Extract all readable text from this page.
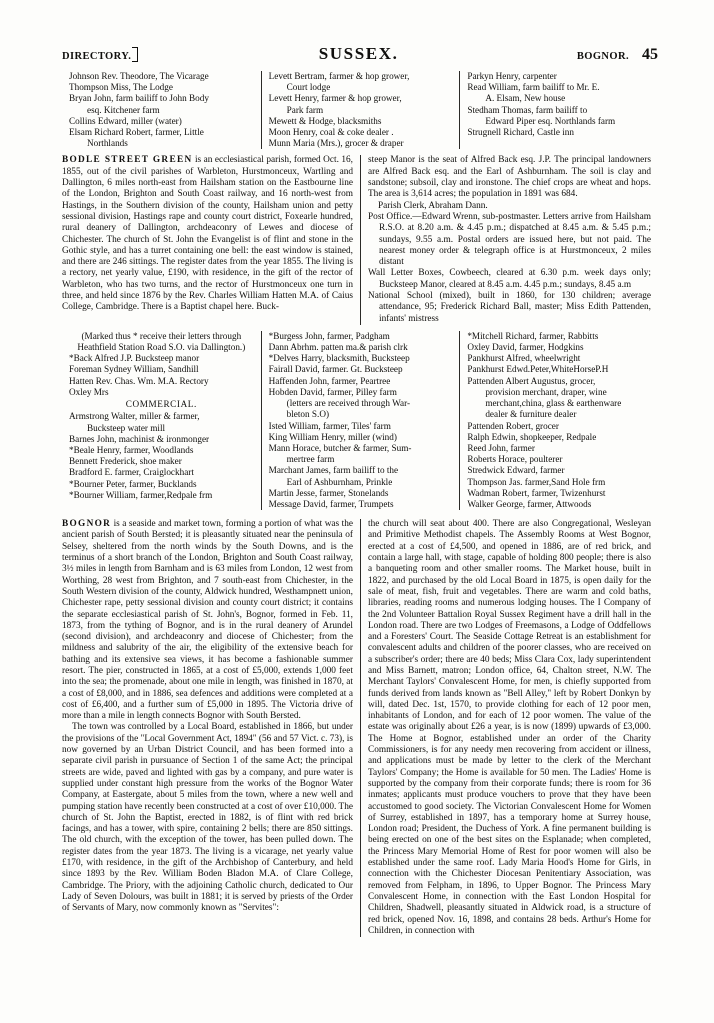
DIRECTORY.	SUSSEX.	BOGNOR. 45
Johnson Rev. Theodore, The Vicarage
Thompson Miss, The Lodge
Bryan John, farm bailiff to John Body
esq. Kitchener farm
Collins Edward, miller (water)
Elsam Richard Robert, farmer, Little
Northlands
Levett Bertram, farmer & hop grower,
Court lodge
Levett Henry, farmer & hop grower,
Park farm
Mewett & Hodge, blacksmiths
Moon Henry, coal & coke dealer .
Munn Maria (Mrs.), grocer & draper
Parkyn Henry, carpenter
Read William, farm bailiff to Mr. E.
A. Elsam, New house
Stedham Thomas, farm bailiff to
Edward Piper esq. Northlands farm
Strugnell Richard, Castle inn

BODLE STREET GREEN is an ecclesiastical parish, formed Oct. 16, 1855, out of the civil parishes of Warbleton, Hurstmonceux, Wartling and Dallington, 6 miles north-east from Hailsham station on the Eastbourne line of the London, Brighton and South Coast railway, and 16 north-west from Hastings, in the Southern division of the county, Hailsham union and petty sessional division, Hastings rape and county court district, Foxearle hundred, rural deanery of Dallington, archdeaconry of Lewes and diocese of Chichester. The church of St. John the Evangelist is of flint and stone in the Gothic style, and has a turret containing one bell: the east window is stained, and there are 246 sittings. The register dates from the year 1855. The living is a rectory, net yearly value, £190, with residence, in the gift of the rector of Warbleton, who has two turns, and the rector of Hurstmonceux one turn in three, and held since 1876 by the Rev. Charles William Hatten M.A. of Caius College, Cambridge. There is a Baptist chapel here. Buck-

steep Manor is the seat of Alfred Back esq. J.P. The principal landowners are Alfred Back esq. and the Earl of Ashburnham. The soil is clay and sandstone; subsoil, clay and ironstone. The chief crops are wheat and hops. The area is 3,614 acres; the population in 1891 was 684.

Parish Clerk, Abraham Dann.

Post Office.—Edward Wrenn, sub-postmaster. Letters arrive from Hailsham R.S.O. at 8.20 a.m. & 4.45 p.m.; dispatched at 8.45 a.m. & 5.45 p.m.; sundays, 9.55 a.m. Postal orders are issued here, but not paid. The nearest money order & telegraph office is at Hurstmonceux, 2 miles distant

Wall Letter Boxes, Cowbeech, cleared at 6.30 p.m. week days only; Bucksteep Manor, cleared at 8.45 a.m. 4.45 p.m.; sundays, 8.45 a.m

National School (mixed), built in 1860, for 130 children; average attendance, 95; Frederick Richard Ball, master; Miss Edith Pattenden, infants' mistress

(Marked thus * receive their letters through Heathfield Station Road S.O. via Dallington.)
*Back Alfred J.P. Bucksteep manor
Foreman Sydney William, Sandhill
Hatten Rev. Chas. Wm. M.A. Rectory
Oxley Mrs
COMMERCIAL.
Armstrong Walter, miller & farmer,
Bucksteep water mill
Barnes John, machinist & ironmonger
*Beale Henry, farmer, Woodlands
Bennett Frederick, shoe maker
Bradford E. farmer, Craiglockhart
*Bourner Peter, farmer, Bucklands
*Bourner William, farmer,Redpale frm
*Burgess John, farmer, Padgham
Dann Abrhm. patten ma.& parish clrk
*Delves Harry, blacksmith, Bucksteep
Fairall David, farmer. Gt. Bucksteep
Haffenden John, farmer, Peartree
Hobden David, farmer, Pilley farm
(letters are received through War-
bleton S.O)
Isted William, farmer, Tiles' farm
King William Henry, miller (wind)
Mann Horace, butcher & farmer, Sum-
mertree farm
Marchant James, farm bailiff to the
Earl of Ashburnham, Prinkle
Martin Jesse, farmer, Stonelands
Message David, farmer, Trumpets
*Mitchell Richard, farmer, Rabbitts
Oxley David, farmer, Hodgkins
Pankhurst Alfred, wheelwright
Pankhurst Edwd.Peter,WhiteHorseP.H
Pattenden Albert Augustus, grocer,
provision merchant, draper, wine
merchant,china, glass & earthenware
dealer & furniture dealer
Pattenden Robert, grocer
Ralph Edwin, shopkeeper, Redpale
Reed John, farmer
Roberts Horace, poulterer
Stredwick Edward, farmer
Thompson Jas. farmer,Sand Hole frm
Wadman Robert, farmer, Twizenhurst
Walker George, farmer, Attwoods

BOGNOR is a seaside and market town, forming a portion of what was the ancient parish of South Bersted; it is pleasantly situated near the peninsula of Selsey, sheltered from the north winds by the South Downs, and is the terminus of a short branch of the London, Brighton and South Coast railway, 3½ miles in length from Barnham and is 63 miles from London, 12 west from Worthing, 28 west from Brighton, and 7 south-east from Chichester, in the South Western division of the county, Aldwick hundred, Westhampnett union, Chichester rape, petty sessional division and county court district; it contains the separate ecclesiastical parish of St. John's, Bognor, formed in Feb. 11, 1873, from the tything of Bognor, and is in the rural deanery of Arundel (second division), and archdeaconry and diocese of Chichester; from the mildness and salubrity of the air, the eligibility of the extensive beach for bathing and its extensive sea views, it has become a fashionable summer resort. The pier, constructed in 1865, at a cost of £5,000, extends 1,000 feet into the sea; the promenade, about one mile in length, was finished in 1870, at a cost of £8,000, and in 1886, sea defences and additions were completed at a cost of £6,400, and a further sum of £5,000 in 1895. The Victoria drive of more than a mile in length connects Bognor with South Bersted.

The town was controlled by a Local Board, established in 1866, but under the provisions of the "Local Government Act, 1894" (56 and 57 Vict. c. 73), is now governed by an Urban District Council, and has been formed into a separate civil parish in pursuance of Section 1 of the same Act; the principal streets are wide, paved and lighted with gas by a company, and pure water is supplied under constant high pressure from the works of the Bognor Water Company, at Eastergate, about 5 miles from the town, where a new well and pumping station have recently been constructed at a cost of over £10,000. The church of St. John the Baptist, erected in 1882, is of flint with red brick facings, and has a tower, with spire, containing 2 bells; there are 850 sittings. The old church, with the exception of the tower, has been pulled down. The register dates from the year 1873. The living is a vicarage, net yearly value £170, with residence, in the gift of the Archbishop of Canterbury, and held since 1893 by the Rev. William Boden Bladon M.A. of Clare College, Cambridge. The Priory, with the adjoining Catholic church, dedicated to Our Lady of Seven Dolours, was built in 1881; it is served by priests of the Order of Servants of Mary, now commonly known as "Servites":

the church will seat about 400. There are also Congregational, Wesleyan and Primitive Methodist chapels. The Assembly Rooms at West Bognor, erected at a cost of £4,500, and opened in 1886, are of red brick, and contain a large hall, with stage, capable of holding 800 people; there is also a banqueting room and other smaller rooms. The Market house, built in 1822, and purchased by the old Local Board in 1875, is open daily for the sale of meat, fish, fruit and vegetables. There are warm and cold baths, libraries, reading rooms and numerous lodging houses. The I Company of the 2nd Volunteer Battalion Royal Sussex Regiment have a drill hall in the London road. There are two Lodges of Freemasons, a Lodge of Oddfellows and a Foresters' Court. The Seaside Cottage Retreat is an establishment for convalescent adults and children of the poorer classes, who are received on a subscriber's order; there are 40 beds; Miss Clara Cox, lady superintendent and Miss Barnett, matron; London office, 64, Chalton street, N.W. The Merchant Taylors' Convalescent Home, for men, is chiefly supported from funds derived from lands known as "Bell Alley," left by Robert Donkyn by will, dated Dec. 1st, 1570, to provide clothing for each of 12 poor men, inhabitants of London, and for each of 12 poor women. The value of the estate was originally about £26 a year, is is now (1899) upwards of £3,000. The Home at Bognor, established under an order of the Charity Commissioners, is for any needy men recovering from accident or illness, and applications must be made by letter to the clerk of the Merchant Taylors' Company; the Home is available for 50 men. The Ladies' Home is supported by the company from their corporate funds; there is room for 36 inmates; applicants must produce vouchers to prove that they have been accustomed to good society. The Victorian Convalescent Home for Women of Surrey, established in 1897, has a temporary home at Surrey house, London road; President, the Duchess of York. A fine permanent building is being erected on one of the best sites on the Esplanade; when completed, the Princess Mary Memorial Home of Rest for poor women will also be established under the same roof. Lady Maria Hood's Home for Girls, in connection with the Chichester Diocesan Penitentiary Association, was removed from Felpham, in 1896, to Upper Bognor. The Princess Mary Convalescent Home, in connection with the East London Hospital for Children, Shadwell, pleasantly situated in Aldwick road, is a structure of red brick, opened Nov. 16, 1898, and contains 28 beds. Arthur's Home for Children, in connection with
